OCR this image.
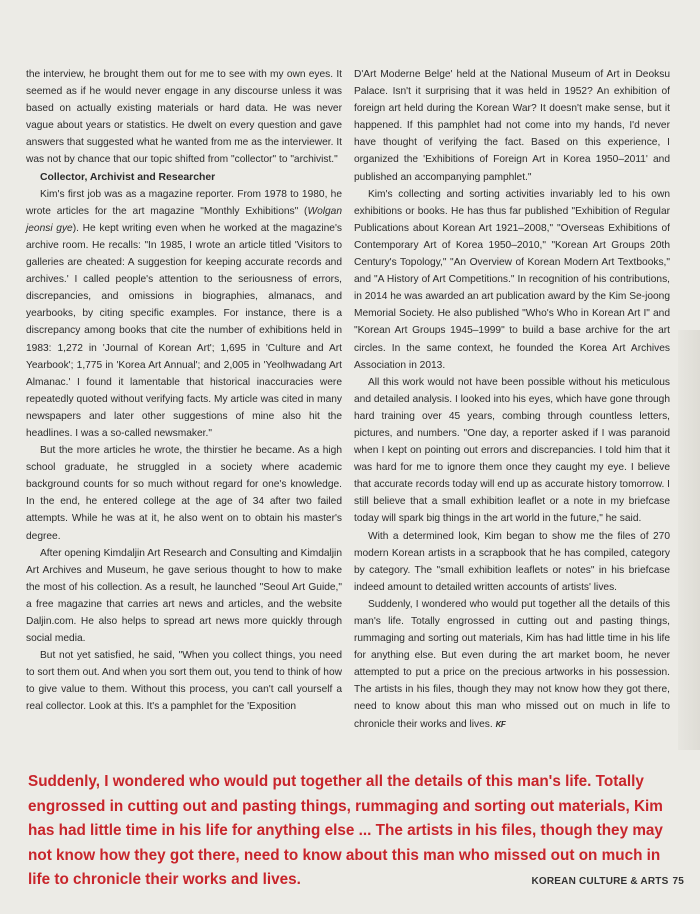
the interview, he brought them out for me to see with my own eyes. It seemed as if he would never engage in any discourse unless it was based on actually existing materials or hard data. He was never vague about years or statistics. He dwelt on every question and gave answers that suggested what he wanted from me as the interviewer. It was not by chance that our topic shifted from "collector" to "archivist."

Collector, Archivist and Researcher

Kim's first job was as a magazine reporter. From 1978 to 1980, he wrote articles for the art magazine "Monthly Exhibitions" (Wolgan jeonsi gye). He kept writing even when he worked at the magazine's archive room. He recalls: "In 1985, I wrote an article titled 'Visitors to galleries are cheated: A suggestion for keeping accurate records and archives.' I called people's attention to the seriousness of errors, discrepancies, and omissions in biographies, almanacs, and yearbooks, by citing specific examples. For instance, there is a discrepancy among books that cite the number of exhibitions held in 1983: 1,272 in 'Journal of Korean Art'; 1,695 in 'Culture and Art Yearbook'; 1,775 in 'Korea Art Annual'; and 2,005 in 'Yeolhwadang Art Almanac.' I found it lamentable that historical inaccuracies were repeatedly quoted without verifying facts. My article was cited in many newspapers and later other suggestions of mine also hit the headlines. I was a so-called newsmaker."

But the more articles he wrote, the thirstier he became. As a high school graduate, he struggled in a society where academic background counts for so much without regard for one's knowledge. In the end, he entered college at the age of 34 after two failed attempts. While he was at it, he also went on to obtain his master's degree.

After opening Kimdaljin Art Research and Consulting and Kimdaljin Art Archives and Museum, he gave serious thought to how to make the most of his collection. As a result, he launched "Seoul Art Guide," a free magazine that carries art news and articles, and the website Daljin.com. He also helps to spread art news more quickly through social media.

But not yet satisfied, he said, "When you collect things, you need to sort them out. And when you sort them out, you tend to think of how to give value to them. Without this process, you can't call yourself a real collector. Look at this. It's a pamphlet for the 'Exposition

D'Art Moderne Belge' held at the National Museum of Art in Deoksu Palace. Isn't it surprising that it was held in 1952? An exhibition of foreign art held during the Korean War? It doesn't make sense, but it happened. If this pamphlet had not come into my hands, I'd never have thought of verifying the fact. Based on this experience, I organized the 'Exhibitions of Foreign Art in Korea 1950–2011' and published an accompanying pamphlet."

Kim's collecting and sorting activities invariably led to his own exhibitions or books. He has thus far published "Exhibition of Regular Publications about Korean Art 1921–2008," "Overseas Exhibitions of Contemporary Art of Korea 1950–2010," "Korean Art Groups 20th Century's Topology," "An Overview of Korean Modern Art Textbooks," and "A History of Art Competitions." In recognition of his contributions, in 2014 he was awarded an art publication award by the Kim Se-joong Memorial Society. He also published "Who's Who in Korean Art I" and "Korean Art Groups 1945–1999" to build a base archive for the art circles. In the same context, he founded the Korea Art Archives Association in 2013.

All this work would not have been possible without his meticulous and detailed analysis. I looked into his eyes, which have gone through hard training over 45 years, combing through countless letters, pictures, and numbers. "One day, a reporter asked if I was paranoid when I kept on pointing out errors and discrepancies. I told him that it was hard for me to ignore them once they caught my eye. I believe that accurate records today will end up as accurate history tomorrow. I still believe that a small exhibition leaflet or a note in my briefcase today will spark big things in the art world in the future," he said.

With a determined look, Kim began to show me the files of 270 modern Korean artists in a scrapbook that he has compiled, category by category. The "small exhibition leaflets or notes" in his briefcase indeed amount to detailed written accounts of artists' lives.

Suddenly, I wondered who would put together all the details of this man's life. Totally engrossed in cutting out and pasting things, rummaging and sorting out materials, Kim has had little time in his life for anything else. But even during the art market boom, he never attempted to put a price on the precious artworks in his possession. The artists in his files, though they may not know how they got there, need to know about this man who missed out on much in life to chronicle their works and lives. KF

Suddenly, I wondered who would put together all the details of this man's life. Totally engrossed in cutting out and pasting things, rummaging and sorting out materials, Kim has had little time in his life for anything else ... The artists in his files, though they may not know how they got there, need to know about this man who missed out on much in life to chronicle their works and lives.	KOREAN CULTURE & ARTS 75
